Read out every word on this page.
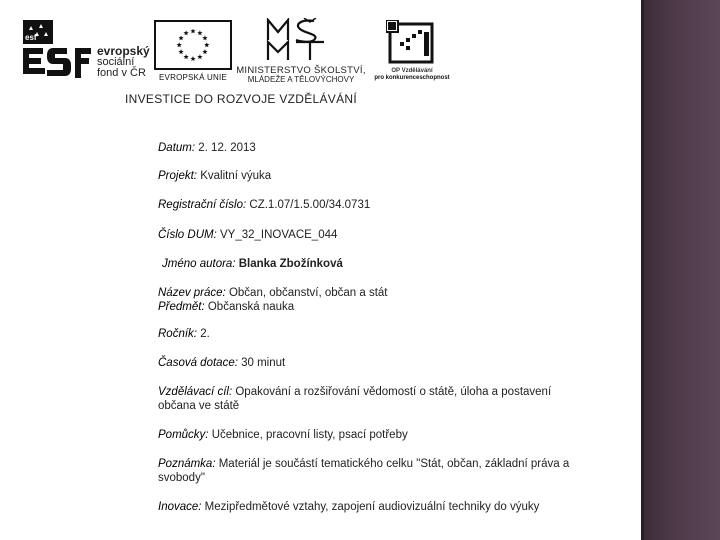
esf
evropský
sociální
fond v ČR	EVROPSKÁ UNIE
MINISTERSTVO ŠKOLSTVÍ,
MLÁDEŽE A TĚLOVÝCHOVY
OP Vzdělávání
pro konkurenceschopnost
INVESTICE DO ROZVOJE VZDĚLÁVÁNÍ
Datum: 2. 12. 2013
Projekt: Kvalitní výuka
Registrační číslo: CZ.1.07/1.5.00/34.0731
Číslo DUM: VY_32_INOVACE_044
Jméno autora: Blanka Zbožínková
Název práce: Občan, občanství, občan a stát
Předmět: Občanská nauka
Ročník: 2.
Časová dotace: 30 minut
Vzdělávací cíl: Opakování a rozšiřování vědomostí o státě, úloha a postavení občana ve státě
Pomůcky: Učebnice, pracovní listy, psací potřeby
Poznámka: Materiál je součástí tematického celku "Stát, občan, základní práva a svobody"
Inovace: Mezipředmětové vztahy, zapojení audiovizuální techniky do výuky
